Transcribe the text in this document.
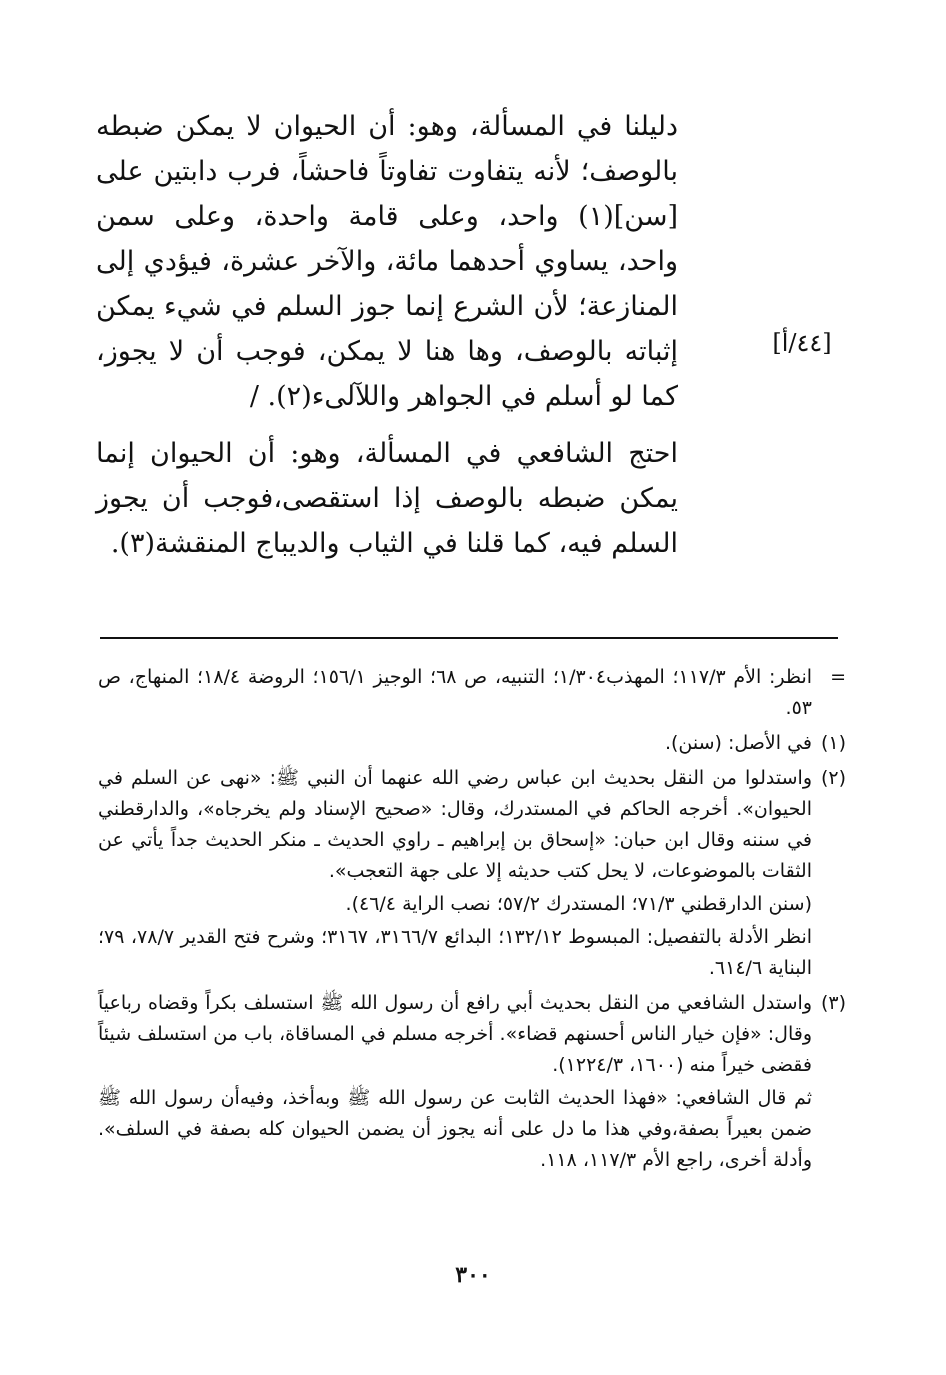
دليلنا في المسألة، وهو: أن الحيوان لا يمكن ضبطه بالوصف؛ لأنه يتفاوت تفاوتاً فاحشاً، فرب دابتين على [سن](١) واحد، وعلى قامة واحدة، وعلى سمن واحد، يساوي أحدهما مائة، والآخر عشرة، فيؤدي إلى المنازعة؛ لأن الشرع إنما جوز السلم في شيء يمكن إثباته بالوصف، وها هنا لا يمكن، فوجب أن لا يجوز، كما لو أسلم في الجواهر واللآلىء(٢). /

احتج الشافعي في المسألة، وهو: أن الحيوان إنما يمكن ضبطه بالوصف إذا استقصى،فوجب أن يجوز السلم فيه، كما قلنا في الثياب والديباج المنقشة(٣).

[٤٤/أ]
=
انظر: الأم ١١٧/٣؛ المهذب١/٣٠٤؛ التنبيه، ص ٦٨؛ الوجيز ١٥٦/١؛ الروضة ١٨/٤؛ المنهاج، ص ٥٣.
(١)
في الأصل: (سنن).
(٢)
واستدلوا من النقل بحديث ابن عباس رضي الله عنهما أن النبي ﷺ: «نهى عن السلم في الحيوان». أخرجه الحاكم في المستدرك، وقال: «صحيح الإسناد ولم يخرجاه»، والدارقطني في سننه وقال ابن حبان: «إسحاق بن إبراهيم ـ راوي الحديث ـ منكر الحديث جداً يأتي عن الثقات بالموضوعات، لا يحل كتب حديثه إلا على جهة التعجب».
(سنن الدارقطني ٧١/٣؛ المستدرك ٥٧/٢؛ نصب الراية ٤٦/٤).
انظر الأدلة بالتفصيل: المبسوط ١٣٢/١٢؛ البدائع ٣١٦٦/٧، ٣١٦٧؛ وشرح فتح القدير ٧٨/٧، ٧٩؛ البناية ٦١٤/٦.
(٣)
واستدل الشافعي من النقل بحديث أبي رافع أن رسول الله ﷺ استسلف بكراً وقضاه رباعياً وقال: «فإن خيار الناس أحسنهم قضاء». أخرجه مسلم في المساقاة، باب من استسلف شيئاً فقضى خيراً منه (١٦٠٠، ١٢٢٤/٣).
ثم قال الشافعي: «فهذا الحديث الثابت عن رسول الله ﷺ وبه‌أخذ، وفيه‌أن رسول الله ﷺ ضمن بعيراً بصفة،وفي هذا ما دل على أنه يجوز أن يضمن الحيوان كله بصفة في السلف». وأدلة أخرى، راجع الأم ١١٧/٣، ١١٨.
٣٠٠
